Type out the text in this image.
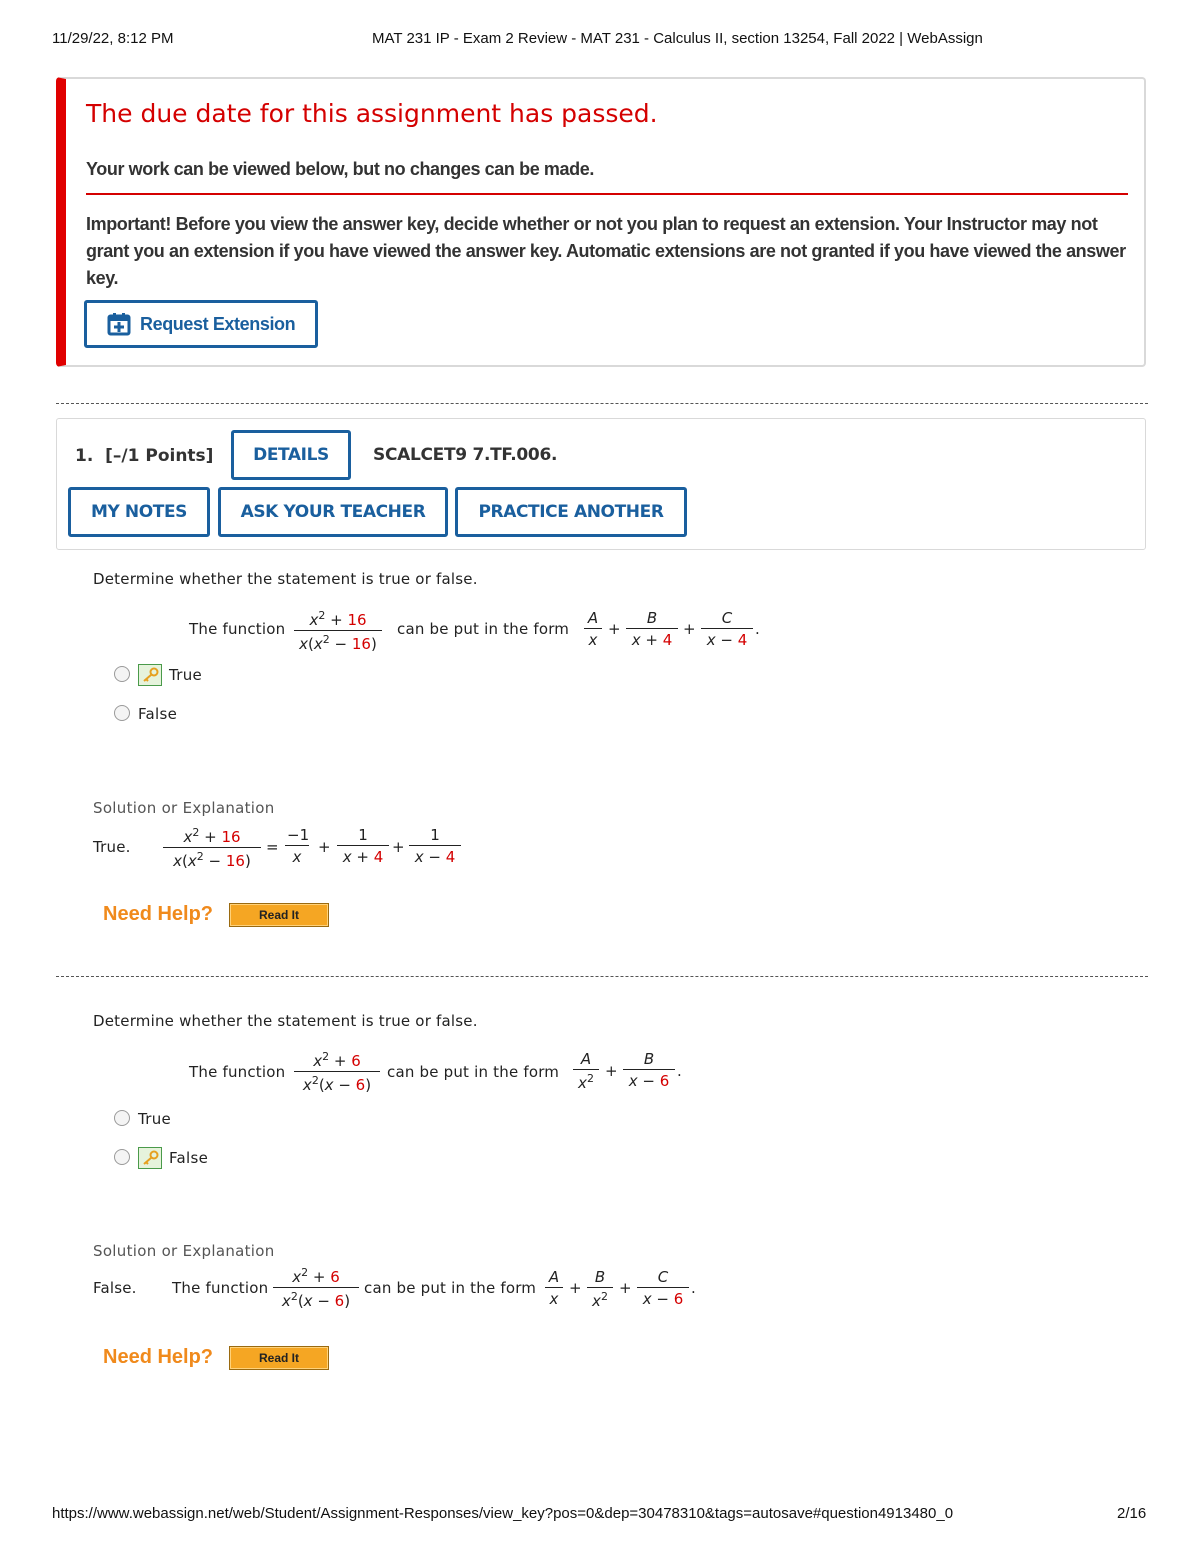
11/29/22, 8:12 PM	MAT 231 IP - Exam 2 Review - MAT 231 - Calculus II, section 13254, Fall 2022 | WebAssign
The due date for this assignment has passed.
Your work can be viewed below, but no changes can be made.
Important! Before you view the answer key, decide whether or not you plan to request an extension. Your Instructor may not grant you an extension if you have viewed the answer key. Automatic extensions are not granted if you have viewed the answer key.
Request Extension
1. [–/1 Points]	DETAILS	SCALCET9 7.TF.006.
MY NOTES	ASK YOUR TEACHER	PRACTICE ANOTHER
Determine whether the statement is true or false.
The function $\frac{x^2 + 16}{x(x^2 - 16)}$ can be put in the form $\frac{A}{x} + \frac{B}{x + 4} + \frac{C}{x - 4}$ .
True
False
Solution or Explanation
True. $\frac{x^2 + 16}{x(x^2 - 16)} = \frac{-1}{x} + \frac{1}{x + 4} + \frac{1}{x - 4}$
Need Help?	Read It
Determine whether the statement is true or false.
The function $\frac{x^2 + 6}{x^2(x - 6)}$ can be put in the form $\frac{A}{x^2} + \frac{B}{x - 6}$ .
True
False
Solution or Explanation
False. The function $\frac{x^2 + 6}{x^2(x - 6)}$ can be put in the form $\frac{A}{x} + \frac{B}{x^2} + \frac{C}{x - 6}$ .
Need Help?	Read It
https://www.webassign.net/web/Student/Assignment-Responses/view_key?pos=0&dep=30478310&tags=autosave#question4913480_0	2/16
